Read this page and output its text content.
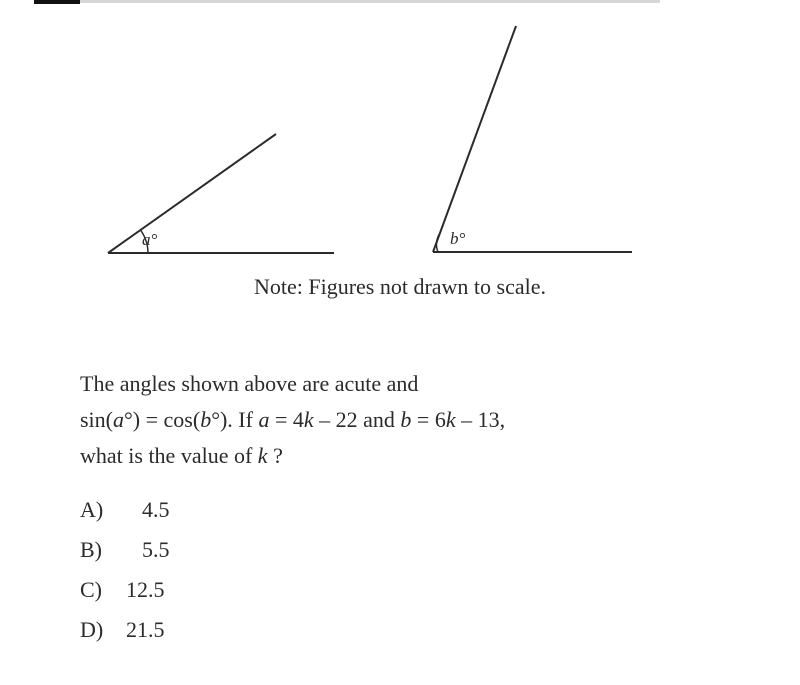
a°	b°
Note: Figures not drawn to scale.
The angles shown above are acute and
sin(a°) = cos(b°). If a = 4k – 22 and b = 6k – 13,
what is the value of k ?
A) 4.5
B) 5.5
C) 12.5
D) 21.5
